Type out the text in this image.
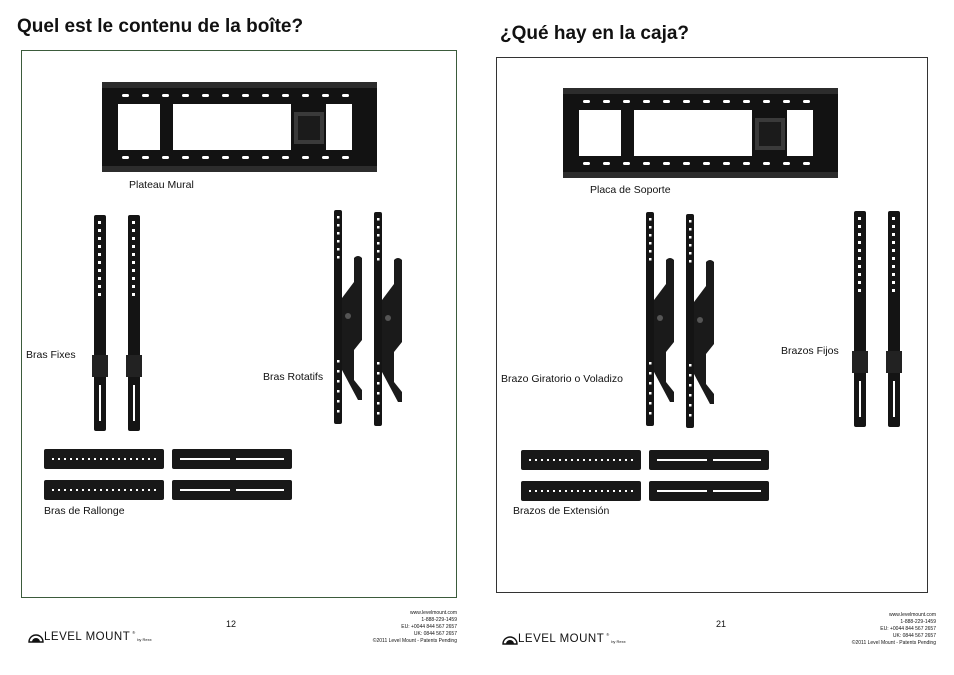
Quel est le contenu de la boîte?
Plateau Mural
Bras Fixes
Bras Rotatifs
Bras de Rallonge
12
LEVEL MOUNT ®
by Rexx
www.levelmount.com
1-888-229-1459
EU: +0044 844 567 2657
UK: 0844 567 2657
©2011 Level Mount - Patents Pending
¿Qué hay en la caja?
Placa de Soporte
Brazo Giratorio o Voladizo
Brazos Fijos
Brazos de Extensión
21
LEVEL MOUNT ®
by Rexx
www.levelmount.com
1-888-229-1459
EU: +0044 844 567 2657
UK: 0844 567 2657
©2011 Level Mount - Patents Pending
